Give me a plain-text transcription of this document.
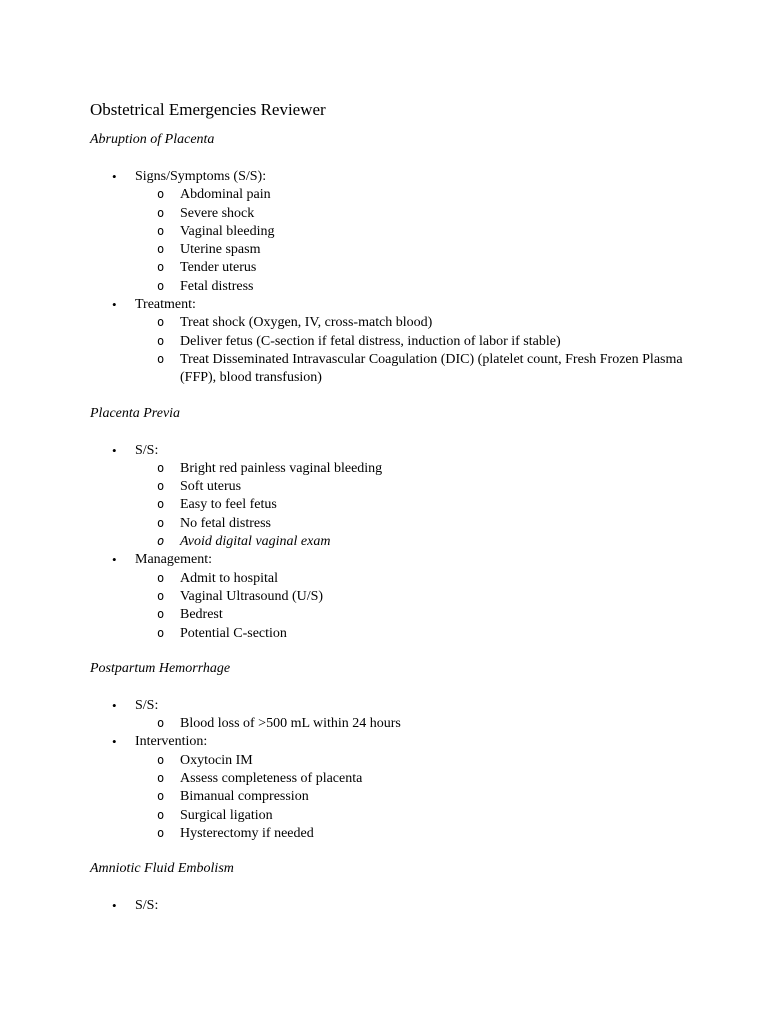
Obstetrical Emergencies Reviewer

Abruption of Placenta

• Signs/Symptoms (S/S):
o Abdominal pain
o Severe shock
o Vaginal bleeding
o Uterine spasm
o Tender uterus
o Fetal distress
• Treatment:
o Treat shock (Oxygen, IV, cross-match blood)
o Deliver fetus (C-section if fetal distress, induction of labor if stable)
o Treat Disseminated Intravascular Coagulation (DIC) (platelet count, Fresh Frozen Plasma (FFP), blood transfusion)

Placenta Previa

• S/S:
o Bright red painless vaginal bleeding
o Soft uterus
o Easy to feel fetus
o No fetal distress
o Avoid digital vaginal exam
• Management:
o Admit to hospital
o Vaginal Ultrasound (U/S)
o Bedrest
o Potential C-section

Postpartum Hemorrhage

• S/S:
o Blood loss of >500 mL within 24 hours
• Intervention:
o Oxytocin IM
o Assess completeness of placenta
o Bimanual compression
o Surgical ligation
o Hysterectomy if needed

Amniotic Fluid Embolism

• S/S:
